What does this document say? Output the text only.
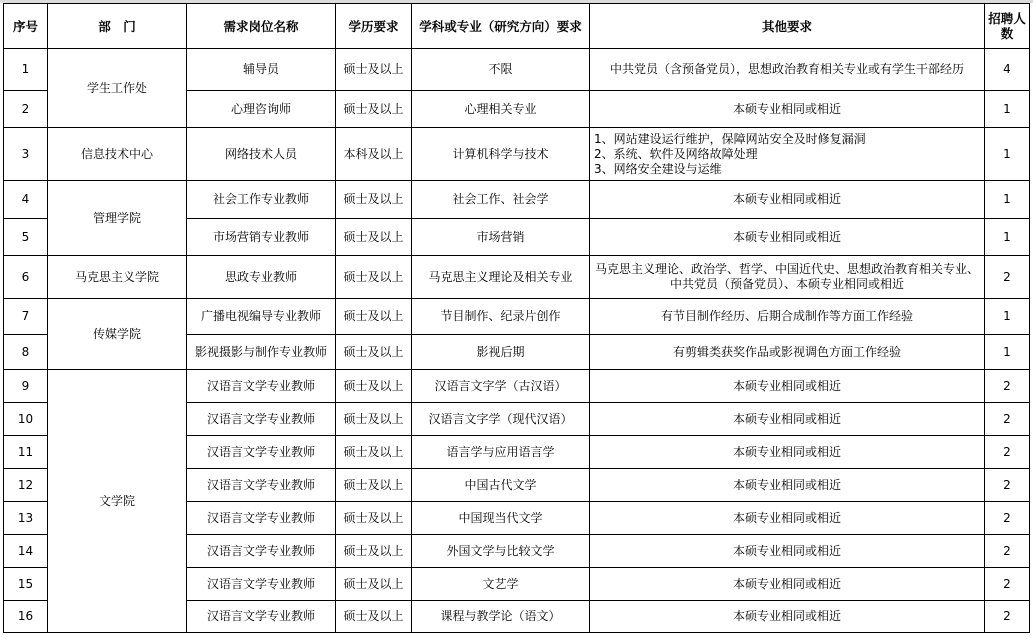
序号	部　门	需求岗位名称	学历要求	学科或专业（研究方向）要求	其他要求	招聘人数
1	学生工作处	辅导员	硕士及以上	不限	中共党员（含预备党员），思想政治教育相关专业或有学生干部经历	4
2		心理咨询师	硕士及以上	心理相关专业	本硕专业相同或相近	1
3	信息技术中心	网络技术人员	本科及以上	计算机科学与技术	1、网站建设运行维护，保障网站安全及时修复漏洞
2、系统、软件及网络故障处理
3、网络安全建设与运维	1
4	管理学院	社会工作专业教师	硕士及以上	社会工作、社会学	本硕专业相同或相近	1
5		市场营销专业教师	硕士及以上	市场营销	本硕专业相同或相近	1
6	马克思主义学院	思政专业教师	硕士及以上	马克思主义理论及相关专业	马克思主义理论、政治学、哲学、中国近代史、思想政治教育相关专业、中共党员（预备党员）、本硕专业相同或相近	2
7	传媒学院	广播电视编导专业教师	硕士及以上	节目制作、纪录片创作	有节目制作经历、后期合成制作等方面工作经验	1
8		影视摄影与制作专业教师	硕士及以上	影视后期	有剪辑类获奖作品或影视调色方面工作经验	1
9	文学院	汉语言文学专业教师	硕士及以上	汉语言文字学（古汉语）	本硕专业相同或相近	2
10		汉语言文学专业教师	硕士及以上	汉语言文字学（现代汉语）	本硕专业相同或相近	2
11		汉语言文学专业教师	硕士及以上	语言学与应用语言学	本硕专业相同或相近	2
12		汉语言文学专业教师	硕士及以上	中国古代文学	本硕专业相同或相近	2
13		汉语言文学专业教师	硕士及以上	中国现当代文学	本硕专业相同或相近	2
14		汉语言文学专业教师	硕士及以上	外国文学与比较文学	本硕专业相同或相近	2
15		汉语言文学专业教师	硕士及以上	文艺学	本硕专业相同或相近	2
16		汉语言文学专业教师	硕士及以上	课程与教学论（语文）	本硕专业相同或相近	2
